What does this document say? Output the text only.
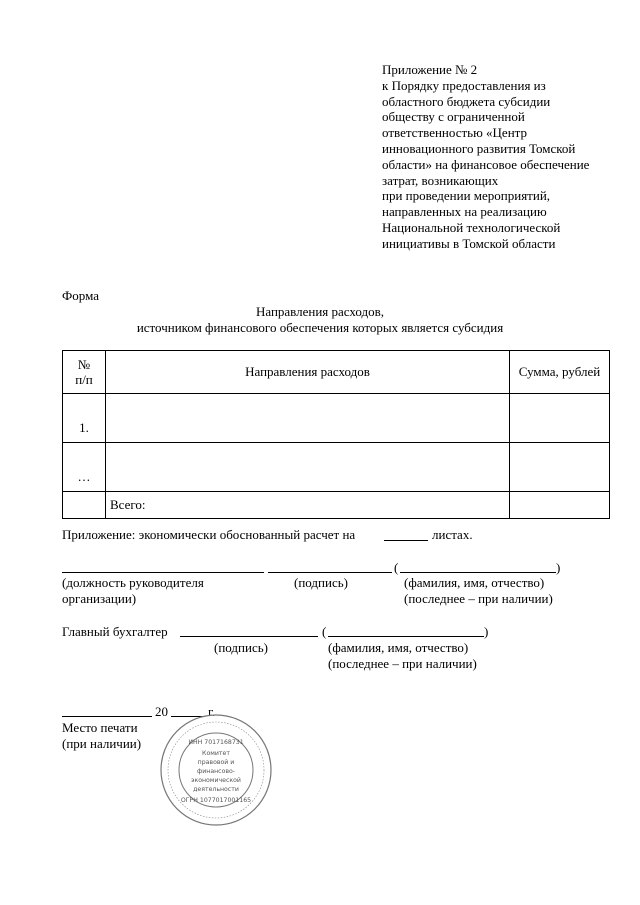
Приложение № 2
к Порядку предоставления из
областного бюджета субсидии
обществу с ограниченной
ответственностью «Центр
инновационного развития Томской
области» на финансовое обеспечение
затрат, возникающих
при проведении мероприятий,
направленных на реализацию
Национальной технологической
инициативы в Томской области
Форма
Направления расходов,
источником финансового обеспечения которых является субсидия
№
п/п	Направления расходов	Сумма, рублей
1.		
…		
	Всего:	
Приложение: экономически обоснованный расчет на	листах.
(	)
(должность руководителя
организации)
(подпись)	(фамилия, имя, отчество)
(последнее – при наличии)
Главный бухгалтер	(	)
(подпись)	(фамилия, имя, отчество)
(последнее – при наличии)
20	г.
Место печати
(при наличии)	ИНН 7017168731
Комитет
правовой и
финансово-
экономической
деятельности
ОГРН 1077017001165
